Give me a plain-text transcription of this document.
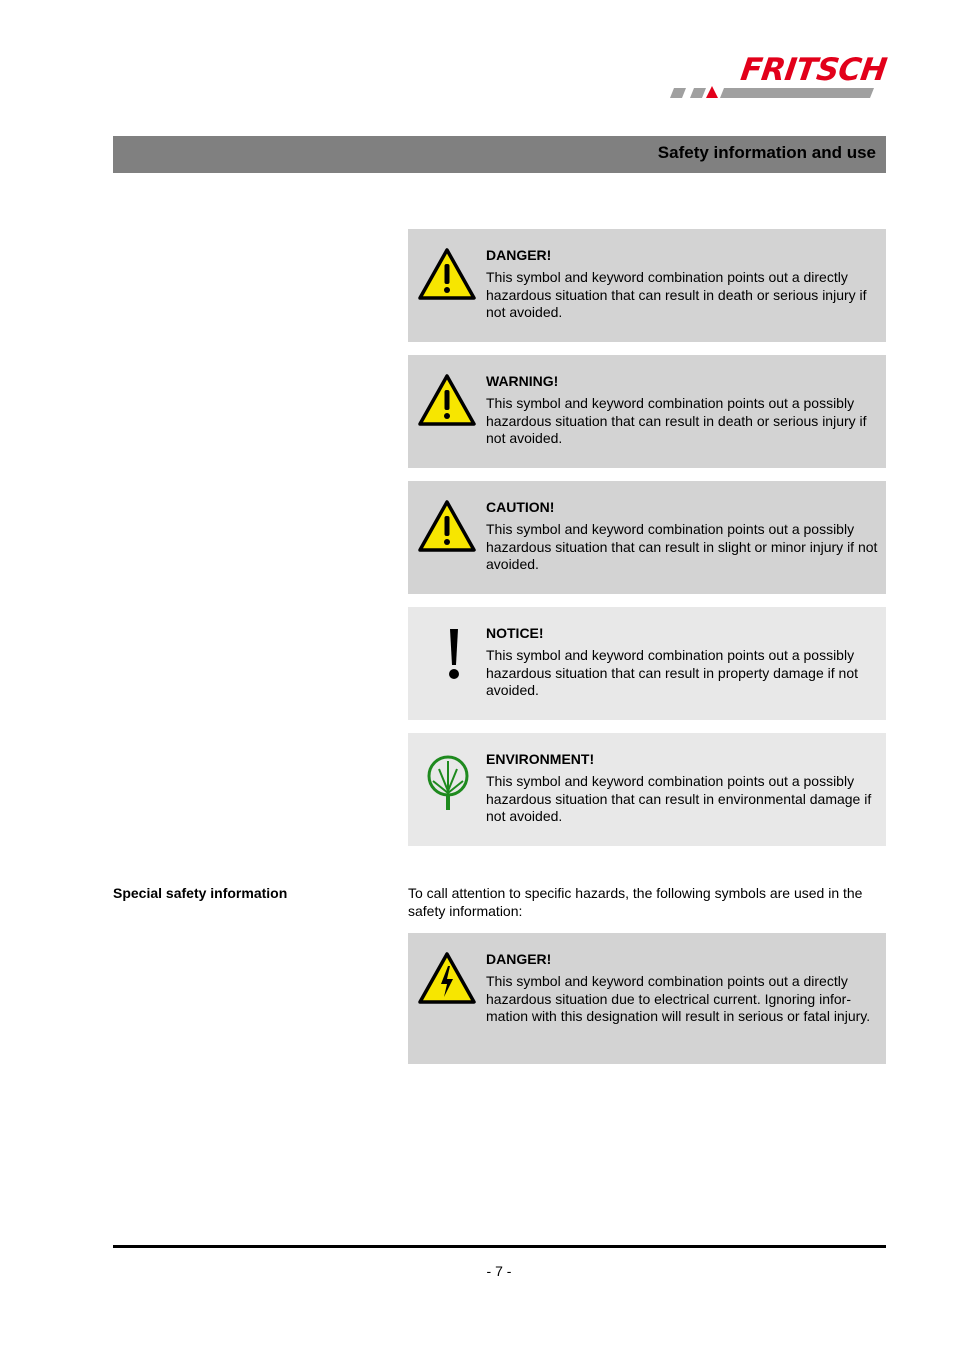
FRITSCH
Safety information and use
DANGER!
This symbol and keyword combination points out a directly hazardous situation that can result in death or serious injury if not avoided.
WARNING!
This symbol and keyword combination points out a possibly hazardous situation that can result in death or serious injury if not avoided.
CAUTION!
This symbol and keyword combination points out a possibly hazardous situation that can result in slight or minor injury if not avoided.
NOTICE!
This symbol and keyword combination points out a possibly hazardous situation that can result in property damage if not avoided.
ENVIRONMENT!
This symbol and keyword combination points out a possibly hazardous situation that can result in environmental damage if not avoided.
Special safety information	To call attention to specific hazards, the following symbols are used in the safety information:
DANGER!
This symbol and keyword combination points out a directly hazardous situation due to electrical current. Ignoring infor-mation with this designation will result in serious or fatal injury.
- 7 -
